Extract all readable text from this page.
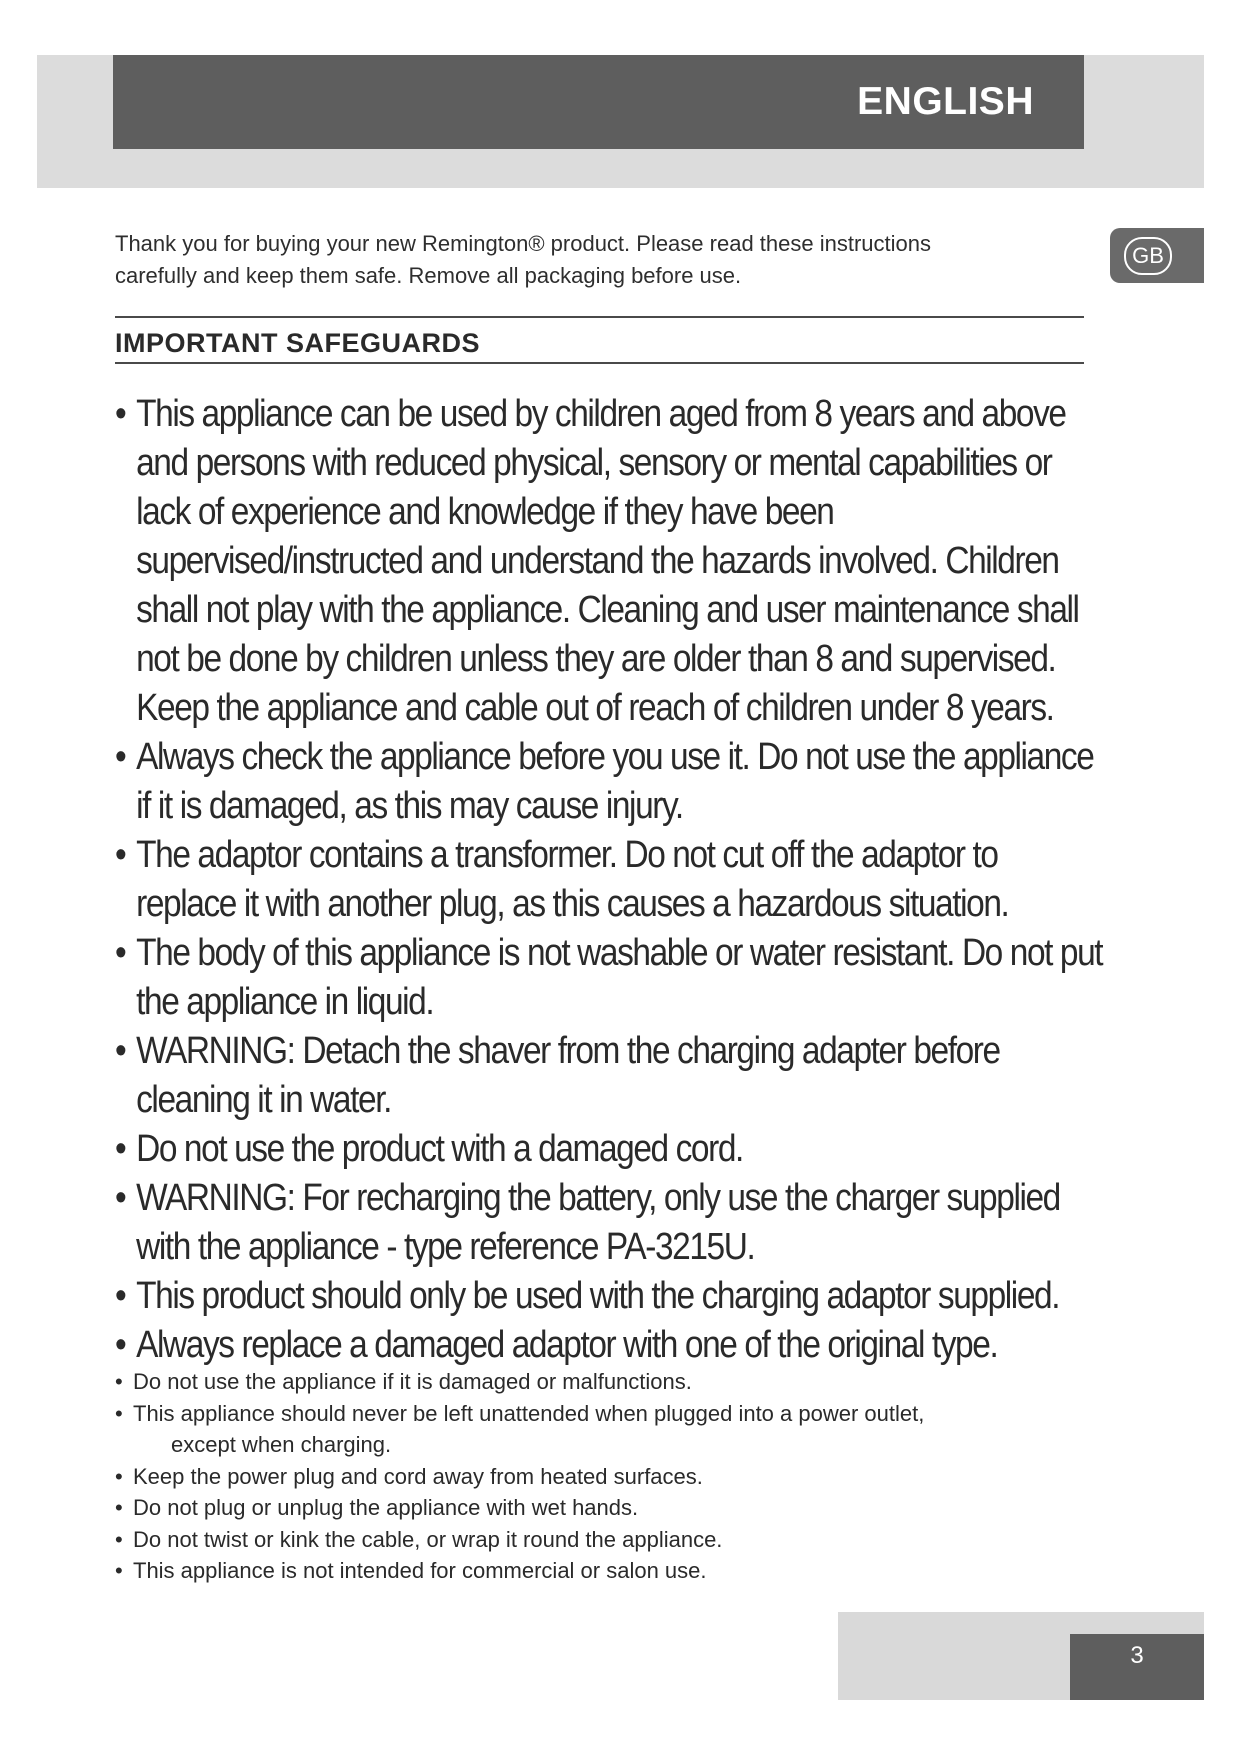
ENGLISH
GB

Thank you for buying your new Remington® product. Please read these instructions carefully and keep them safe. Remove all packaging before use.

IMPORTANT SAFEGUARDS
• This appliance can be used by children aged from 8 years and above and persons with reduced physical, sensory or mental capabilities or lack of experience and knowledge if they have been supervised/instructed and understand the hazards involved. Children shall not play with the appliance. Cleaning and user maintenance shall not be done by children unless they are older than 8 and supervised. Keep the appliance and cable out of reach of children under 8 years.
• Always check the appliance before you use it. Do not use the appliance if it is damaged, as this may cause injury.
• The adaptor contains a transformer. Do not cut off the adaptor to replace it with another plug, as this causes a hazardous situation.
• The body of this appliance is not washable or water resistant. Do not put the appliance in liquid.
• WARNING: Detach the shaver from the charging adapter before cleaning it in water.
• Do not use the product with a damaged cord.
• WARNING: For recharging the battery, only use the charger supplied with the appliance - type reference PA-3215U.
• This product should only be used with the charging adaptor supplied.
• Always replace a damaged adaptor with one of the original type.
• Do not use the appliance if it is damaged or malfunctions.
• This appliance should never be left unattended when plugged into a power outlet,
except when charging.
• Keep the power plug and cord away from heated surfaces.
• Do not plug or unplug the appliance with wet hands.
• Do not twist or kink the cable, or wrap it round the appliance.
• This appliance is not intended for commercial or salon use.
3
